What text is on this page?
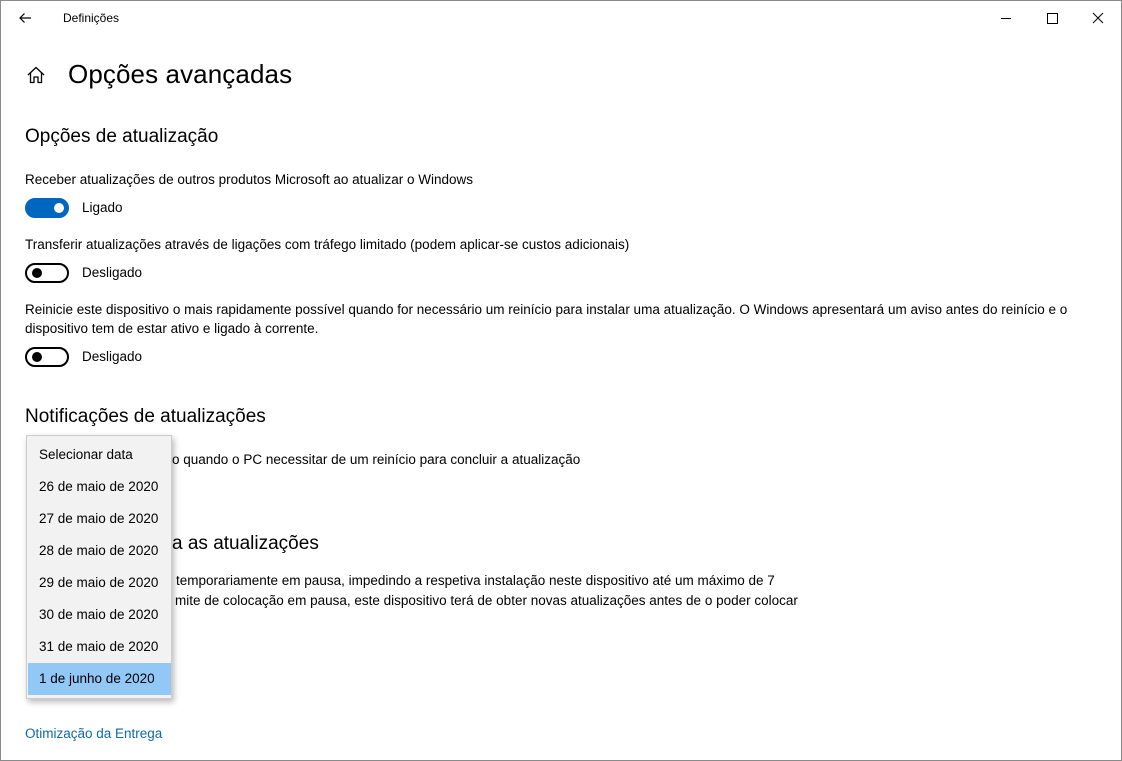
Definições
Opções avançadas
Opções de atualização
Receber atualizações de outros produtos Microsoft ao atualizar o Windows
Ligado
Transferir atualizações através de ligações com tráfego limitado (podem aplicar-se custos adicionais)
Desligado
Reinicie este dispositivo o mais rapidamente possível quando for necessário um reinício para instalar uma atualização. O Windows apresentará um aviso antes do reinício e o dispositivo tem de estar ativo e ligado à corrente.
Desligado
Notificações de atualizações
o quando o PC necessitar de um reinício para concluir a atualização
a as atualizações
temporariamente em pausa, impedindo a respetiva instalação neste dispositivo até um máximo de 7
mite de colocação em pausa, este dispositivo terá de obter novas atualizações antes de o poder colocar
Otimização da Entrega
Selecionar data
26 de maio de 2020
27 de maio de 2020
28 de maio de 2020
29 de maio de 2020
30 de maio de 2020
31 de maio de 2020
1 de junho de 2020
